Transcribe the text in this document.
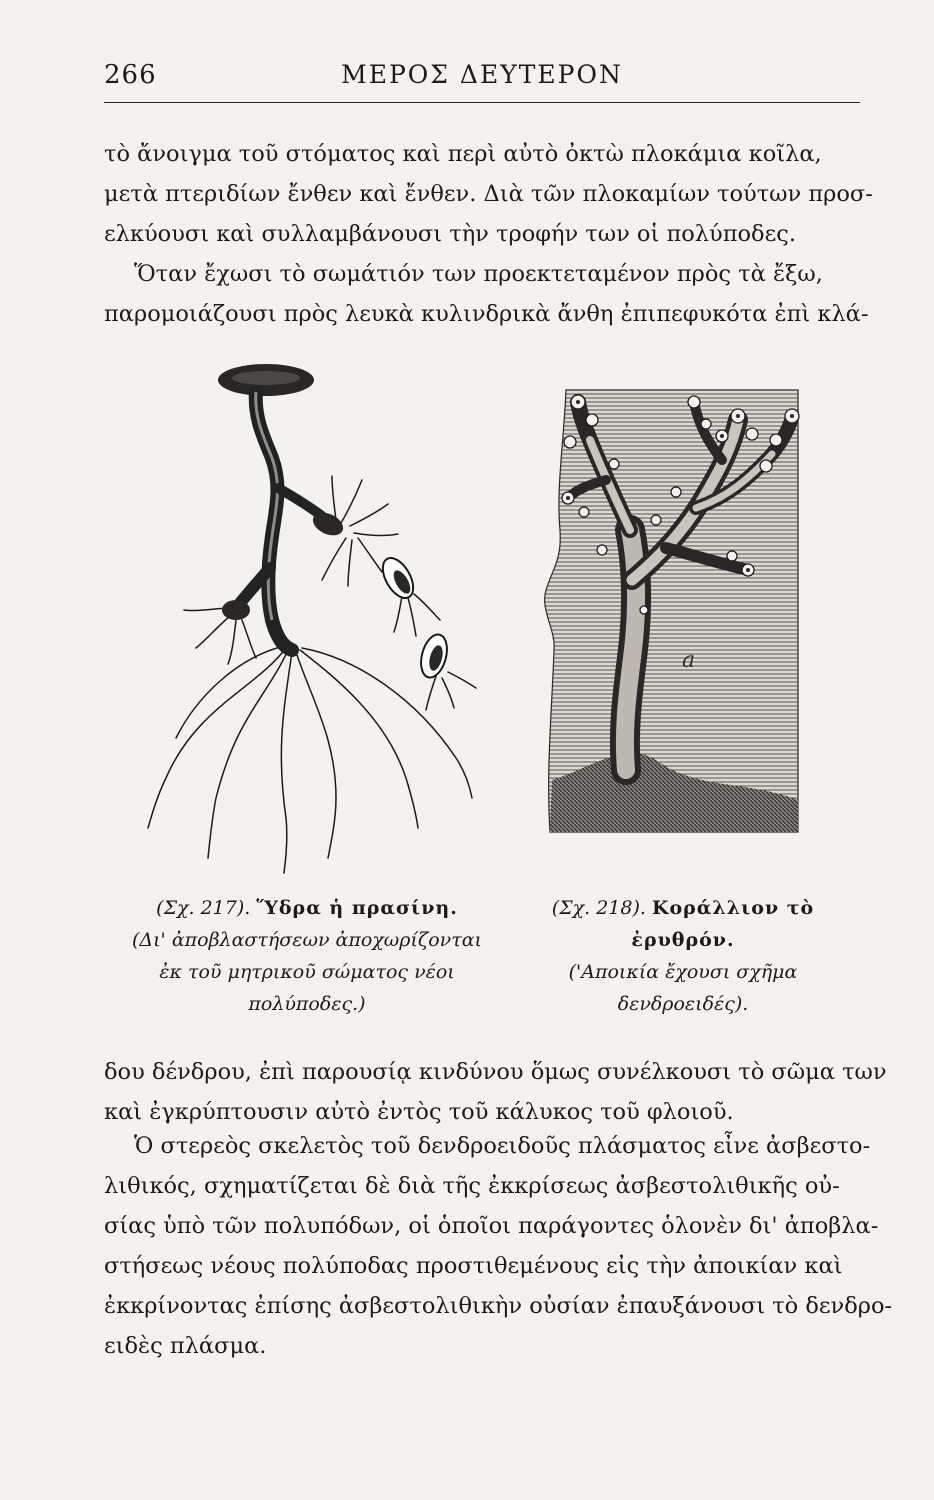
266	ΜΕΡΟΣ ΔΕΥΤΕΡΟΝ
τὸ ἄνοιγμα τοῦ στόματος καὶ περὶ αὐτὸ ὀκτὼ πλοκάμια κοῖλα,
μετὰ πτεριδίων ἔνθεν καὶ ἔνθεν. Διὰ τῶν πλοκαμίων τούτων προσ-
ελκύουσι καὶ συλλαμβάνουσι τὴν τροφήν των οἱ πολύποδες.
Ὅταν ἔχωσι τὸ σωμάτιόν των προεκτεταμένον πρὸς τὰ ἔξω,
παρομοιάζουσι πρὸς λευκὰ κυλινδρικὰ ἄνθη ἐπιπεφυκότα ἐπὶ κλά-
a
(Σχ. 217). Ὕδρα ἡ πρασίνη.
(Δι' ἀποβλαστήσεων ἀποχωρίζονται ἐκ τοῦ μητρικοῦ σώματος νέοι πολύποδες.)
(Σχ. 218). Κοράλλιον τὸ ἐρυθρόν.
('Αποικία ἔχουσι σχῆμα δενδροειδές).
δου δένδρου, ἐπὶ παρουσίᾳ κινδύνου ὅμως συνέλκουσι τὸ σῶμα των
καὶ ἐγκρύπτουσιν αὐτὸ ἐντὸς τοῦ κάλυκος τοῦ φλοιοῦ.
Ὁ στερεὸς σκελετὸς τοῦ δενδροειδοῦς πλάσματος εἶνε ἀσβεστο-
λιθικός, σχηματίζεται δὲ διὰ τῆς ἐκκρίσεως ἀσβεστολιθικῆς οὐ-
σίας ὑπὸ τῶν πολυπόδων, οἱ ὁποῖοι παράγοντες ὁλονὲν δι' ἀποβλα-
στήσεως νέους πολύποδας προστιθεμένους εἰς τὴν ἀποικίαν καὶ
ἐκκρίνοντας ἐπίσης ἀσβεστολιθικὴν οὐσίαν ἐπαυξάνουσι τὸ δενδρο-
ειδὲς πλάσμα.
